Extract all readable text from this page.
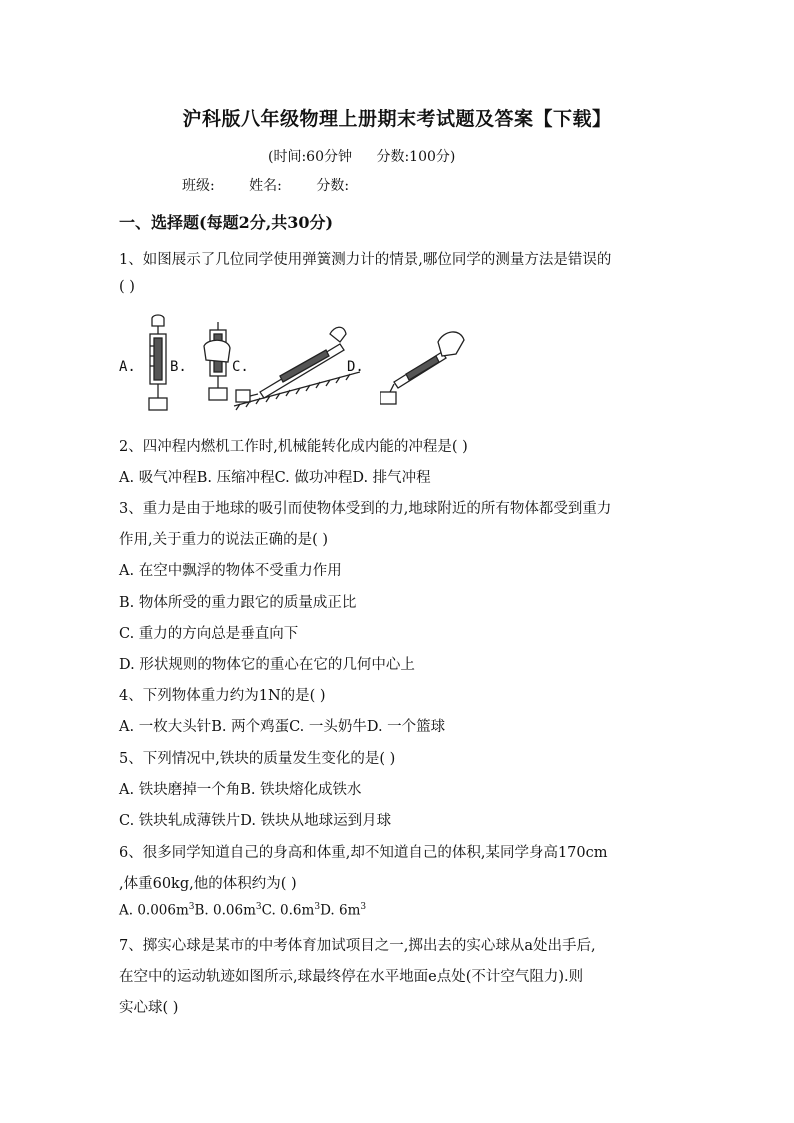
沪科版八年级物理上册期末考试题及答案【下载】
(时间:60分钟 分数:100分)
班级: 姓名: 分数:
一、选择题(每题2分,共30分)
1、如图展示了几位同学使用弹簧测力计的情景,哪位同学的测量方法是错误的
( )
A. B.	C.	D.
2、四冲程内燃机工作时,机械能转化成内能的冲程是( )
A. 吸气冲程B. 压缩冲程C. 做功冲程D. 排气冲程
3、重力是由于地球的吸引而使物体受到的力,地球附近的所有物体都受到重力
作用,关于重力的说法正确的是( )
A. 在空中飘浮的物体不受重力作用
B. 物体所受的重力跟它的质量成正比
C. 重力的方向总是垂直向下
D. 形状规则的物体它的重心在它的几何中心上
4、下列物体重力约为1N的是( )
A. 一枚大头针B. 两个鸡蛋C. 一头奶牛D. 一个篮球
5、下列情况中,铁块的质量发生变化的是( )
A. 铁块磨掉一个角B. 铁块熔化成铁水
C. 铁块轧成薄铁片D. 铁块从地球运到月球
6、很多同学知道自己的身高和体重,却不知道自己的体积,某同学身高170cm
,体重60kg,他的体积约为( )
A. $0.006m^3B$. $0.06m^3C$. $0.6m^3D$. $6m^3$
7、掷实心球是某市的中考体育加试项目之一,掷出去的实心球从a处出手后,
在空中的运动轨迹如图所示,球最终停在水平地面e点处(不计空气阻力).则
实心球( )
